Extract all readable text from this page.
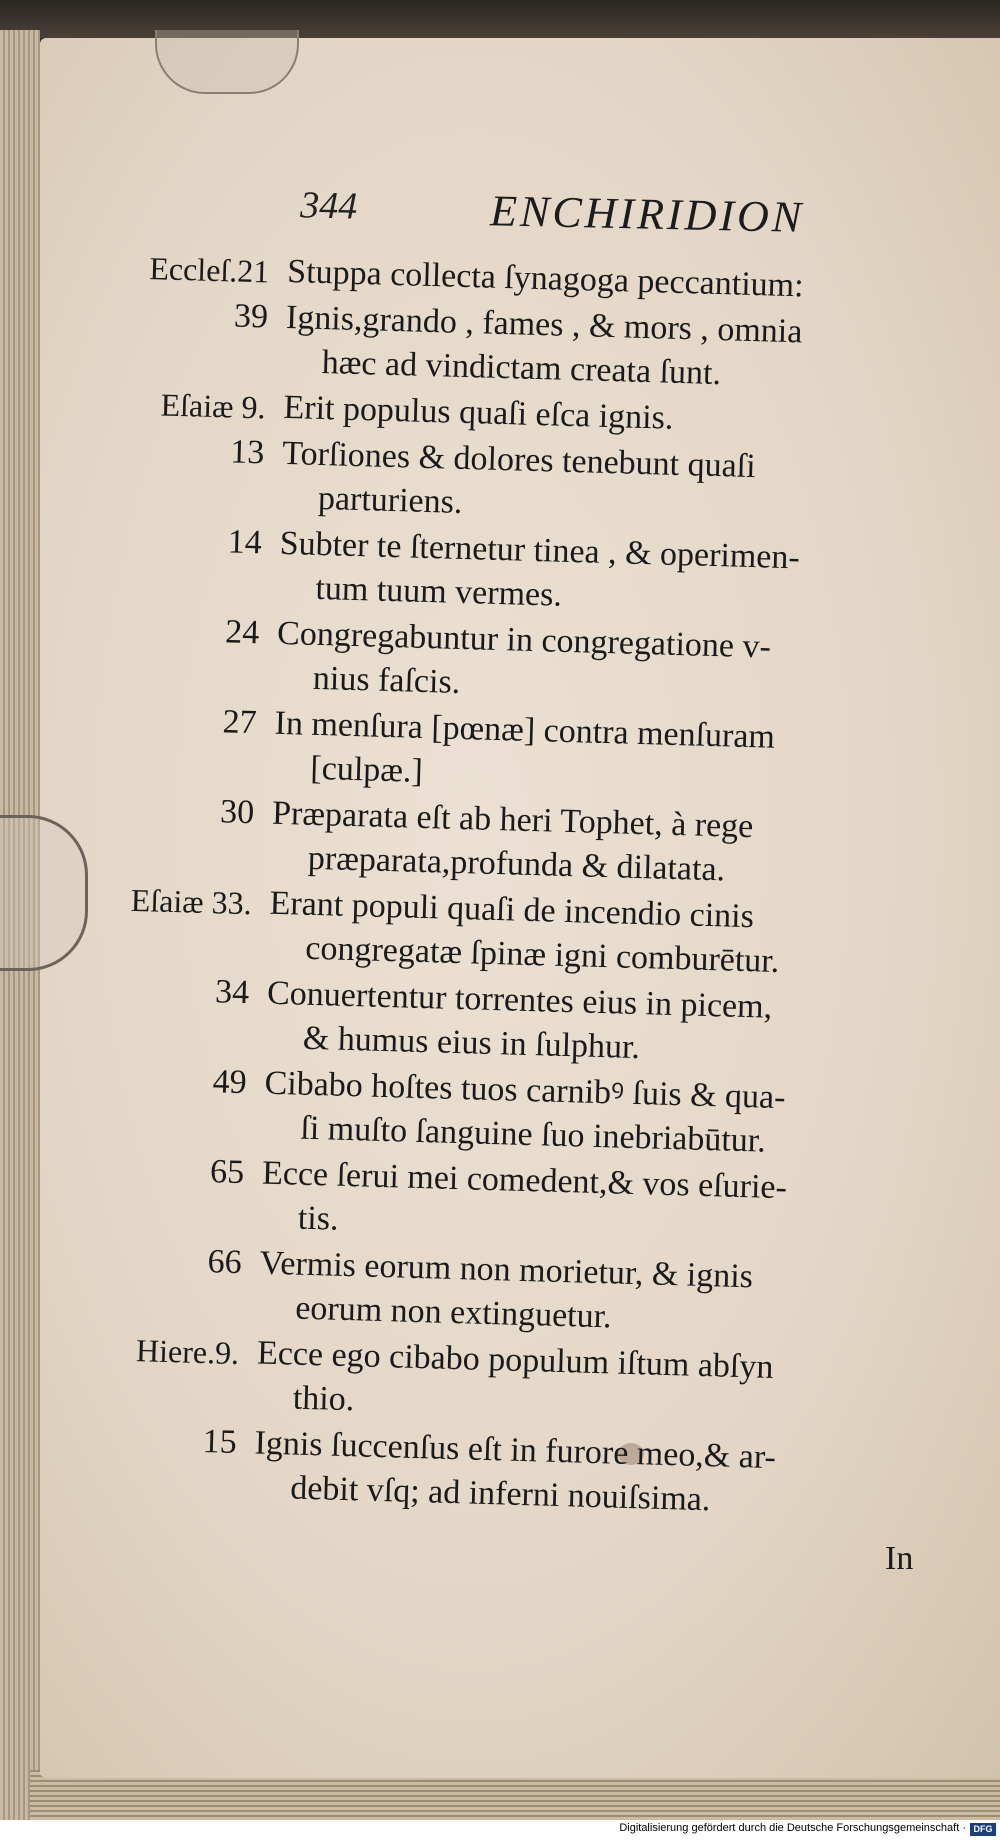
344	ENCHIRIDION
Eccleſ.21 Stuppa collecta ſynagoga peccantium:
39 Ignis,grando , fames , & mors , omnia
hæc ad vindictam creata ſunt.
Eſaiæ 9. Erit populus quaſi eſca ignis.
13 Torſiones & dolores tenebunt quaſi
parturiens.
14 Subter te ſternetur tinea , & operimen-
tum tuum vermes.
24 Congregabuntur in congregatione v-
nius faſcis.
27 In menſura [pœnæ] contra menſuram
[culpæ.]
30 Præparata eſt ab heri Tophet, à rege
præparata,profunda & dilatata.
Eſaiæ 33. Erant populi quaſi de incendio cinis
congregatæ ſpinæ igni comburētur.
34 Conuertentur torrentes eius in picem,
& humus eius in ſulphur.
49 Cibabo hoſtes tuos carnibꝰ ſuis & qua-
ſi muſto ſanguine ſuo inebriabūtur.
65 Ecce ſerui mei comedent,& vos eſurie-
tis.
66 Vermis eorum non morietur, & ignis
eorum non extinguetur.
Hiere.9. Ecce ego cibabo populum iſtum abſyn
thio.
15 Ignis ſuccenſus eſt in furore meo,& ar-
debit vſq; ad inferni nouiſsima.
In
Digitalisierung gefördert durch die Deutsche Forschungsgemeinschaft · DFG
